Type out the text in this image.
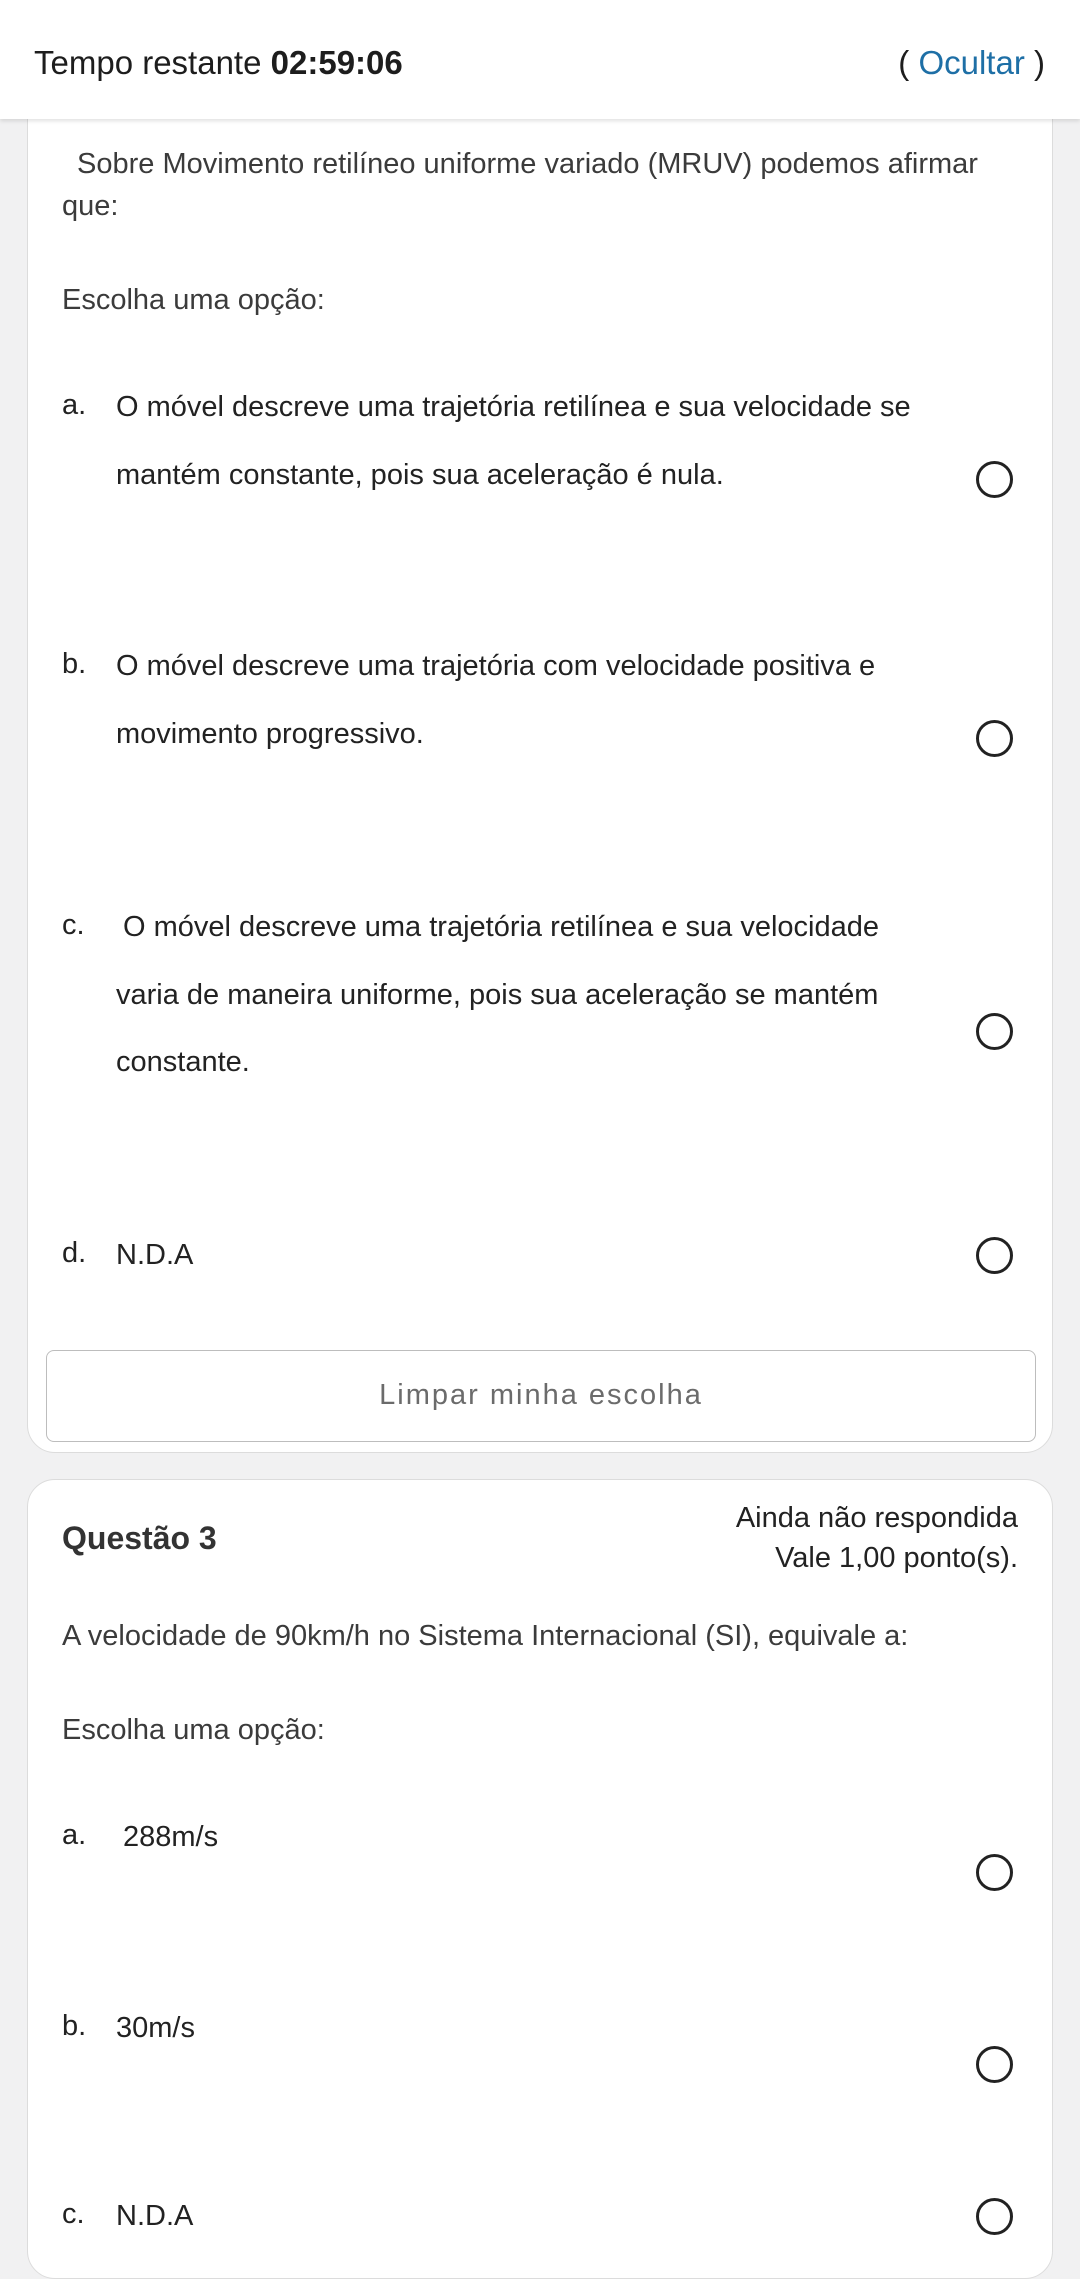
Tempo restante 02:59:06	( Ocultar )
Sobre Movimento retilíneo uniforme variado (MRUV) podemos afirmar
que:
Escolha uma opção:
a. O móvel descreve uma trajetória retilínea e sua velocidade se
mantém constante, pois sua aceleração é nula.
b. O móvel descreve uma trajetória com velocidade positiva e
movimento progressivo.
c. O móvel descreve uma trajetória retilínea e sua velocidade
varia de maneira uniforme, pois sua aceleração se mantém
constante.
d. N.D.A
Limpar minha escolha
Questão 3
Ainda não respondida
Vale 1,00 ponto(s).
A velocidade de 90km/h no Sistema Internacional (SI), equivale a:
Escolha uma opção:
a. 288m/s
b. 30m/s
c. N.D.A
